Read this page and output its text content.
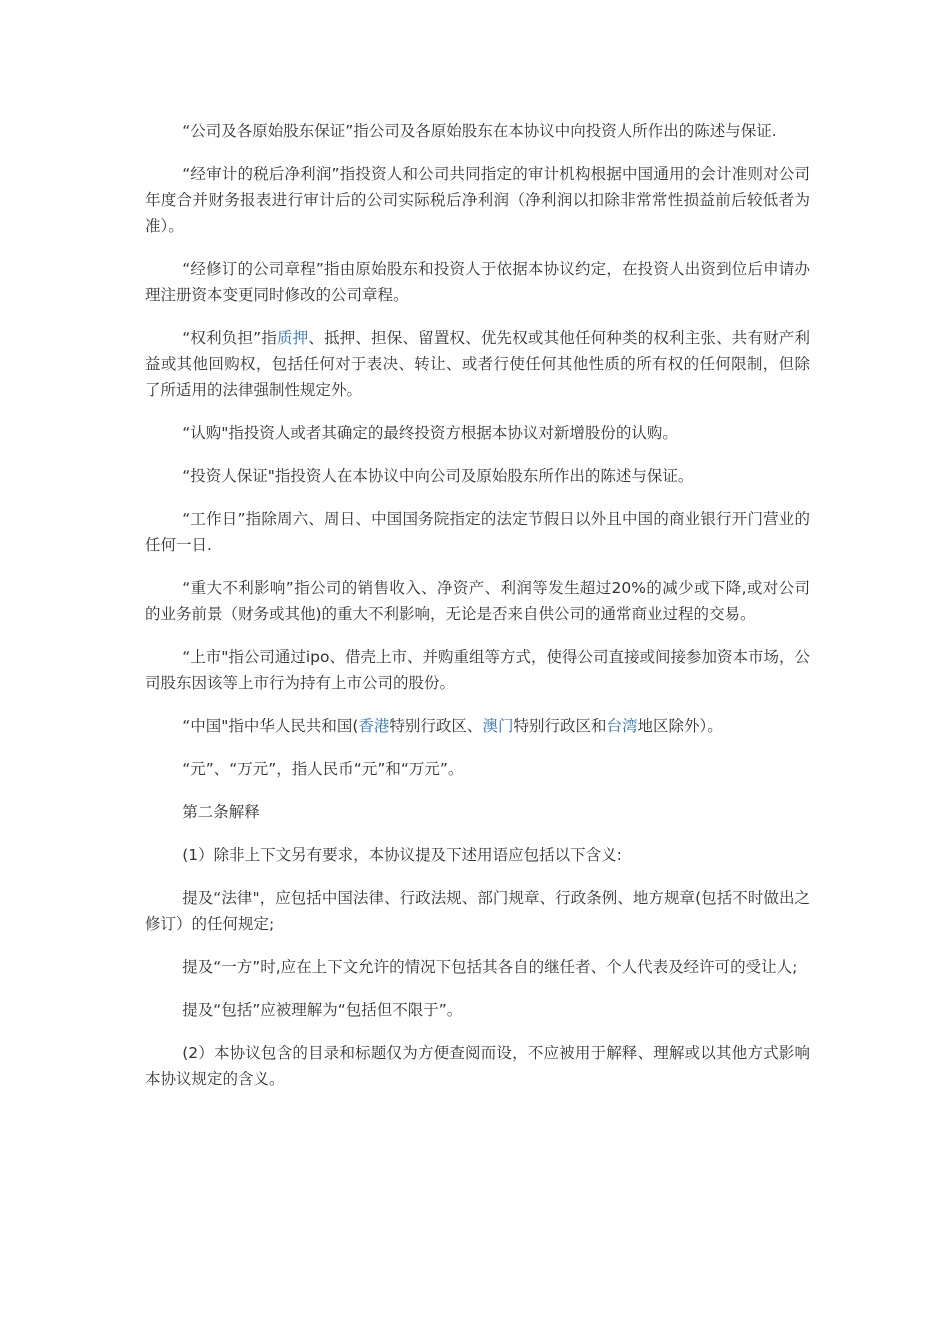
“公司及各原始股东保证”指公司及各原始股东在本协议中向投资人所作出的陈述与保证.

“经审计的税后净利润”指投资人和公司共同指定的审计机构根据中国通用的会计准则对公司年度合并财务报表进行审计后的公司实际税后净利润（净利润以扣除非常常性损益前后较低者为准）。

“经修订的公司章程”指由原始股东和投资人于依据本协议约定，在投资人出资到位后申请办理注册资本变更同时修改的公司章程。

“权利负担”指质押、抵押、担保、留置权、优先权或其他任何种类的权利主张、共有财产利益或其他回购权，包括任何对于表决、转让、或者行使任何其他性质的所有权的任何限制，但除了所适用的法律强制性规定外。

“认购"指投资人或者其确定的最终投资方根据本协议对新增股份的认购。

“投资人保证"指投资人在本协议中向公司及原始股东所作出的陈述与保证。

“工作日”指除周六、周日、中国国务院指定的法定节假日以外且中国的商业银行开门营业的任何一日.

“重大不利影响”指公司的销售收入、净资产、利润等发生超过20%的减少或下降,或对公司的业务前景（财务或其他)的重大不利影响，无论是否来自供公司的通常商业过程的交易。

“上市"指公司通过ipo、借壳上市、并购重组等方式，使得公司直接或间接参加资本市场，公司股东因该等上市行为持有上市公司的股份。

“中国"指中华人民共和国(香港特别行政区、澳门特别行政区和台湾地区除外）。

“元”、“万元”，指人民币“元”和“万元”。

第二条解释

(1）除非上下文另有要求，本协议提及下述用语应包括以下含义:

提及“法律"，应包括中国法律、行政法规、部门规章、行政条例、地方规章(包括不时做出之修订）的任何规定;

提及“一方”时,应在上下文允许的情况下包括其各自的继任者、个人代表及经许可的受让人;

提及“包括”应被理解为“包括但不限于”。

(2）本协议包含的目录和标题仅为方便查阅而设，不应被用于解释、理解或以其他方式影响本协议规定的含义。
